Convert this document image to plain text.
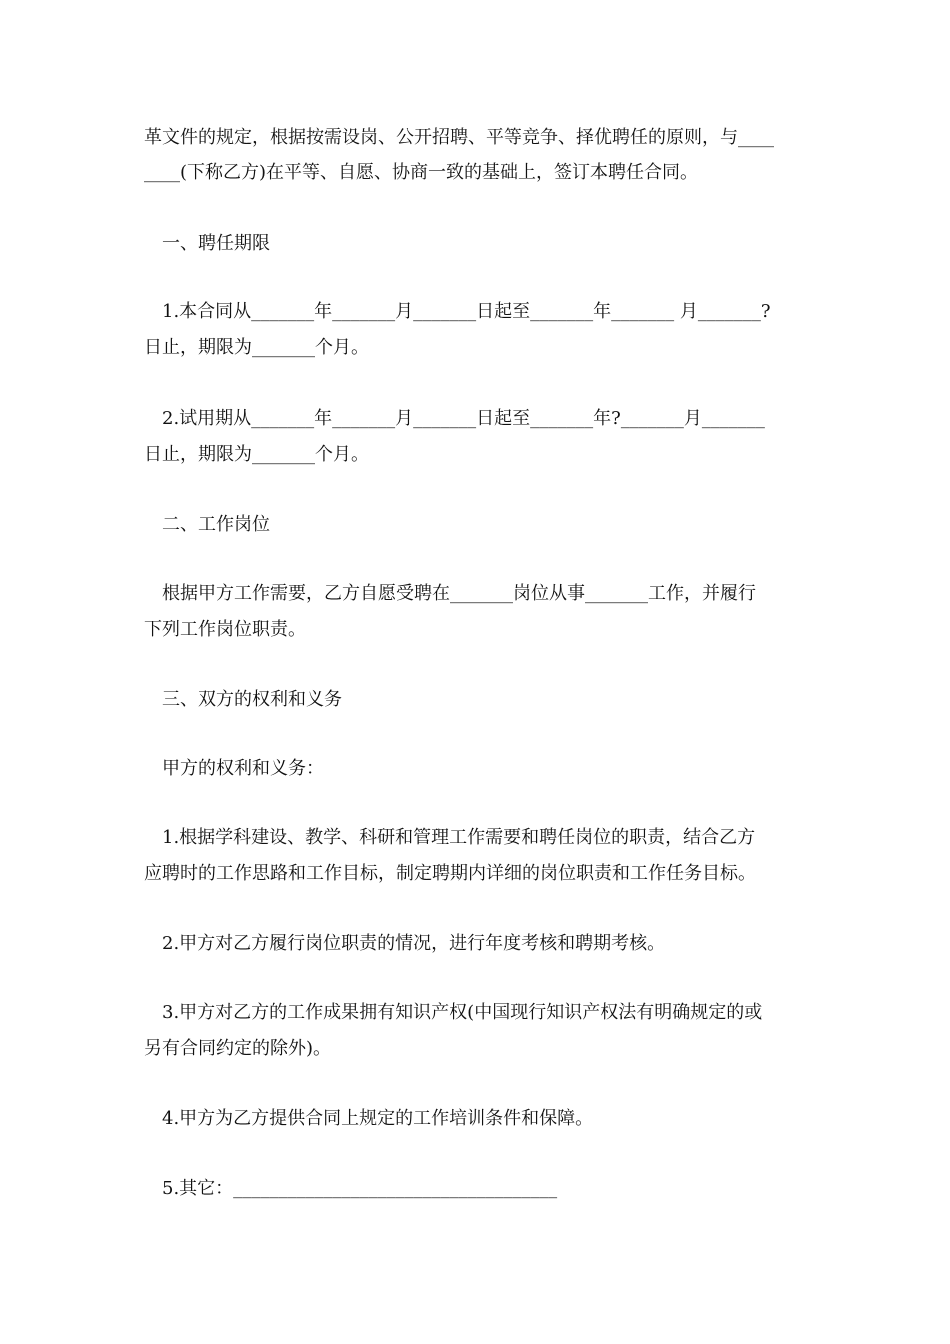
革文件的规定，根据按需设岗、公开招聘、平等竞争、择优聘任的原则，与____
____(下称乙方)在平等、自愿、协商一致的基础上，签订本聘任合同。
一、聘任期限
1.本合同从_______年_______月_______日起至_______年_______ 月_______?
日止，期限为_______个月。
2.试用期从_______年_______月_______日起至_______年?_______月_______
日止，期限为_______个月。
二、工作岗位
根据甲方工作需要，乙方自愿受聘在_______岗位从事_______工作，并履行
下列工作岗位职责。
三、双方的权利和义务
甲方的权利和义务：
1.根据学科建设、教学、科研和管理工作需要和聘任岗位的职责，结合乙方
应聘时的工作思路和工作目标，制定聘期内详细的岗位职责和工作任务目标。
2.甲方对乙方履行岗位职责的情况，进行年度考核和聘期考核。
3.甲方对乙方的工作成果拥有知识产权(中国现行知识产权法有明确规定的或
另有合同约定的除外)。
4.甲方为乙方提供合同上规定的工作培训条件和保障。
5.其它：____________________________________
